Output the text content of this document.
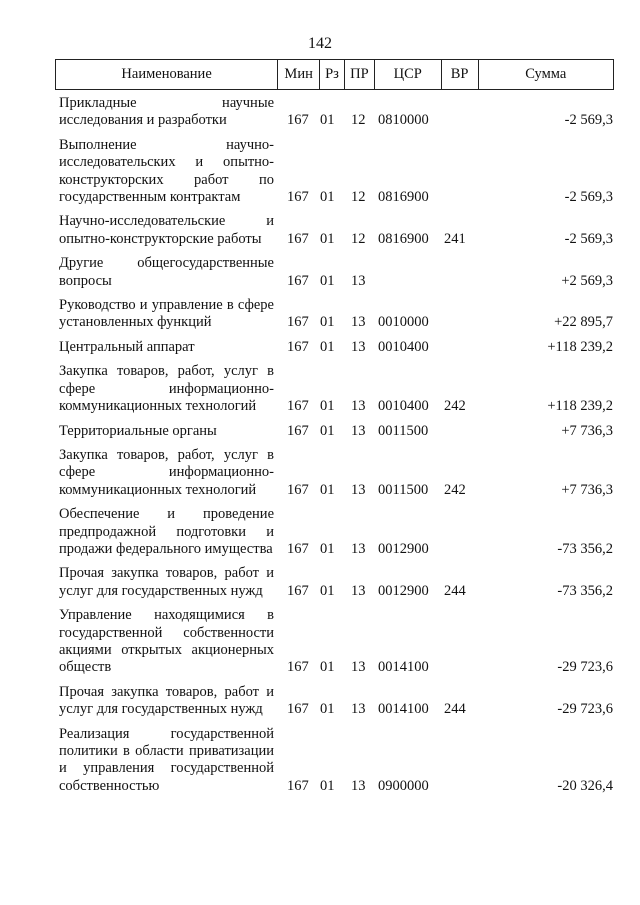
142
Наименование	Мин Рз ПР	ЦСР	ВР	Сумма
Прикладные научные исследования и разработки	167 01	12 0810000	-2 569,3
Выполнение научно-исследовательских и опытно-конструкторских работ по государственным контрактам	167 01	12 0816900	-2 569,3
Научно-исследовательские и опытно-конструкторские работы	167 01	12 0816900	241	-2 569,3
Другие общегосударственные вопросы	167 01	13	+2 569,3
Руководство и управление в сфере установленных функций	167 01	13 0010000	+22 895,7
Центральный аппарат	167 01	13 0010400	+118 239,2
Закупка товаров, работ, услуг в сфере информационно-коммуникационных технологий	167 01	13 0010400	242	+118 239,2
Территориальные органы	167 01	13 0011500	+7 736,3
Закупка товаров, работ, услуг в сфере информационно-коммуникационных технологий	167 01	13 0011500	242	+7 736,3
Обеспечение и проведение предпродажной подготовки и продажи федерального имущества 167 01	13 0012900	-73 356,2
Прочая закупка товаров, работ и услуг для государственных нужд	167 01	13 0012900	244	-73 356,2
Управление находящимися в государственной собственности акциями открытых акционерных обществ	167 01	13 0014100	-29 723,6
Прочая закупка товаров, работ и услуг для государственных нужд	167 01	13 0014100	244	-29 723,6
Реализация государственной политики в области приватизации и управления государственной собственностью	167 01	13 0900000	-20 326,4
